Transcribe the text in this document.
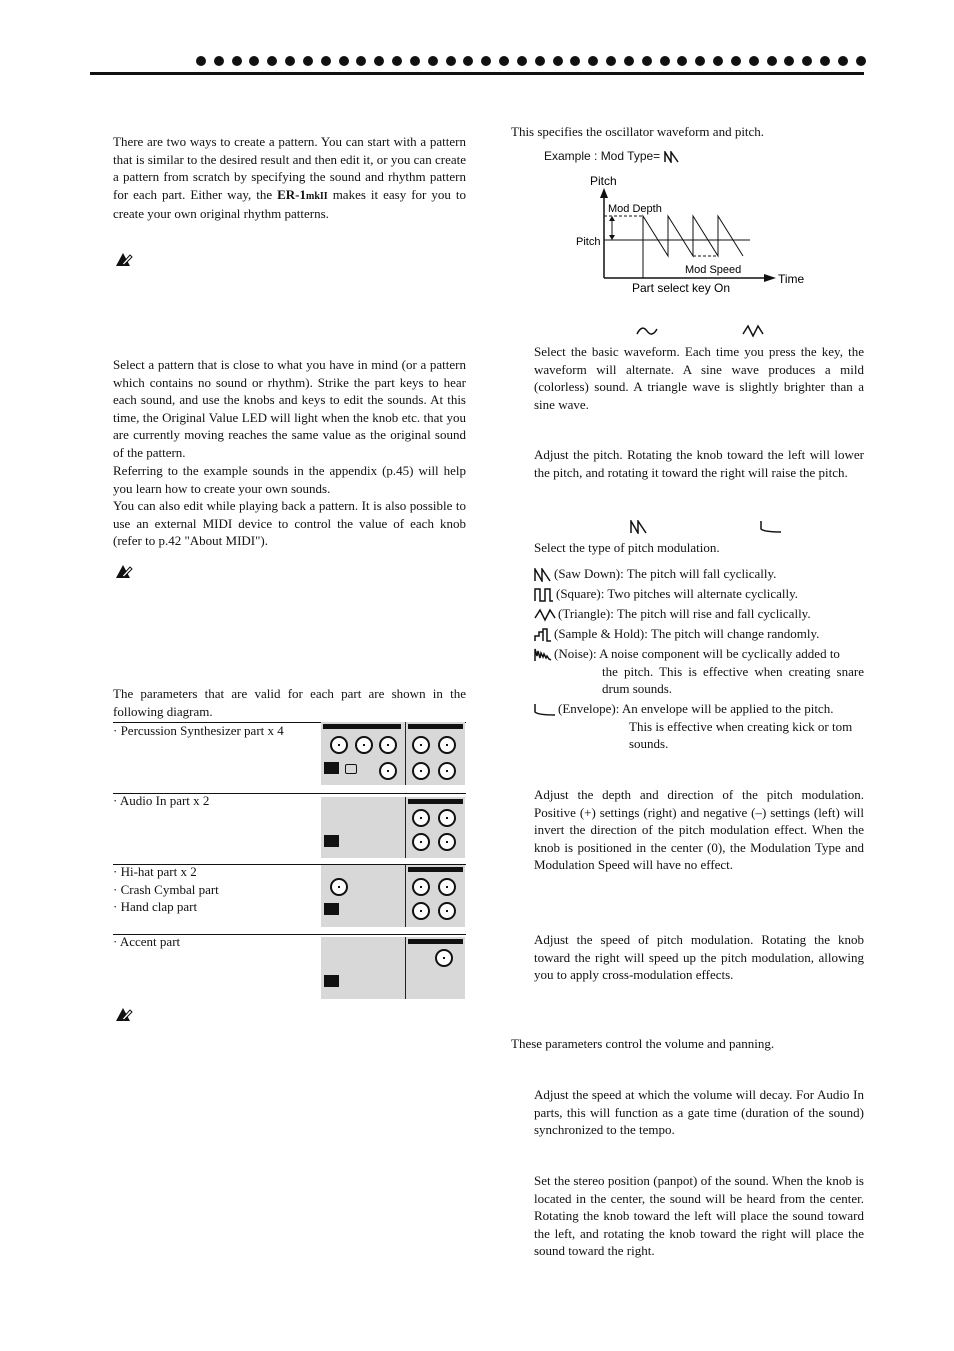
There are two ways to create a pattern. You can start with a pattern that is similar to the desired result and then edit it, or you can create a pattern from scratch by specifying the sound and rhythm pattern for each part. Either way, the ER-1mkII makes it easy for you to create your own original rhythm patterns.

Select a pattern that is close to what you have in mind (or a pattern which contains no sound or rhythm). Strike the part keys to hear each sound, and use the knobs and keys to edit the sounds. At this time, the Original Value LED will light when the knob etc. that you are currently moving reaches the same value as the original sound of the pattern.

Referring to the example sounds in the appendix (p.45) will help you learn how to create your own sounds.

You can also edit while playing back a pattern. It is also possible to use an external MIDI device to control the value of each knob (refer to p.42 "About MIDI").

The parameters that are valid for each part are shown in the following diagram.

· Percussion Synthesizer part x 4
· Audio In part x 2
· Hi-hat part x 2
· Crash Cymbal part
· Hand clap part
· Accent part

This specifies the oscillator waveform and pitch.

Example : Mod Type=
Pitch
Time
Mod Depth
Pitch
Mod Speed
Part select key On

Select the basic waveform. Each time you press the key, the waveform will alternate. A sine wave produces a mild (colorless) sound. A triangle wave is slightly brighter than a sine wave.

Adjust the pitch. Rotating the knob toward the left will lower the pitch, and rotating it toward the right will raise the pitch.

Select the type of pitch modulation.

(Saw Down): The pitch will fall cyclically.
(Square): Two pitches will alternate cyclically.
(Triangle): The pitch will rise and fall cyclically.
(Sample & Hold): The pitch will change randomly.
(Noise): A noise component will be cyclically added to
the pitch. This is effective when creating snare drum sounds.
(Envelope): An envelope will be applied to the pitch.
This is effective when creating kick or tom sounds.

Adjust the depth and direction of the pitch modulation. Positive (+) settings (right) and negative (–) settings (left) will invert the direction of the pitch modulation effect. When the knob is positioned in the center (0), the Modulation Type and Modulation Speed will have no effect.

Adjust the speed of pitch modulation. Rotating the knob toward the right will speed up the pitch modulation, allowing you to apply cross-modulation effects.

These parameters control the volume and panning.

Adjust the speed at which the volume will decay. For Audio In parts, this will function as a gate time (duration of the sound) synchronized to the tempo.

Set the stereo position (panpot) of the sound. When the knob is located in the center, the sound will be heard from the center. Rotating the knob toward the left will place the sound toward the left, and rotating the knob toward the right will place the sound toward the right.
